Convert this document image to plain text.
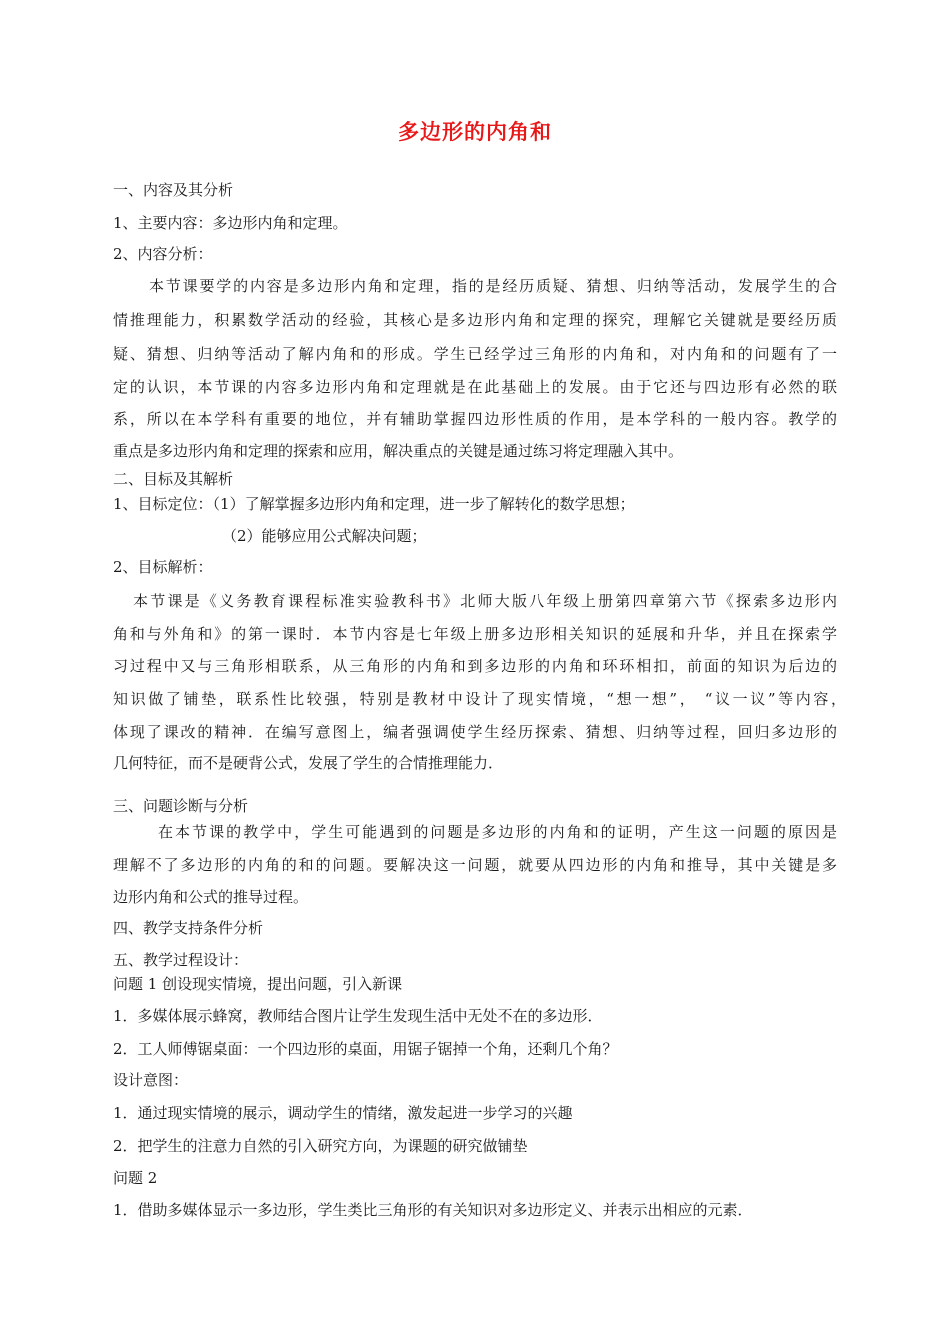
多边形的内角和
一、内容及其分析
1、主要内容：多边形内角和定理。
2、内容分析：
本节课要学的内容是多边形内角和定理，指的是经历质疑、猜想、归纳等活动，发展学生的合
情推理能力，积累数学活动的经验，其核心是多边形内角和定理的探究，理解它关键就是要经历质
疑、猜想、归纳等活动了解内角和的形成。学生已经学过三角形的内角和，对内角和的问题有了一
定的认识，本节课的内容多边形内角和定理就是在此基础上的发展。由于它还与四边形有必然的联
系，所以在本学科有重要的地位，并有辅助掌握四边形性质的作用，是本学科的一般内容。教学的
重点是多边形内角和定理的探索和应用，解决重点的关键是通过练习将定理融入其中。
二、目标及其解析
1、目标定位：（1）了解掌握多边形内角和定理，进一步了解转化的数学思想；
（2）能够应用公式解决问题；
2、目标解析：
本节课是《义务教育课程标准实验教科书》北师大版八年级上册第四章第六节《探索多边形内
角和与外角和》的第一课时．本节内容是七年级上册多边形相关知识的延展和升华，并且在探索学
习过程中又与三角形相联系，从三角形的内角和到多边形的内角和环环相扣，前面的知识为后边的
知识做了铺垫，联系性比较强，特别是教材中设计了现实情境，“想一想”， “议一议”等内容，
体现了课改的精神．在编写意图上，编者强调使学生经历探索、猜想、归纳等过程，回归多边形的
几何特征，而不是硬背公式，发展了学生的合情推理能力．
三、问题诊断与分析
在本节课的教学中，学生可能遇到的问题是多边形的内角和的证明，产生这一问题的原因是
理解不了多边形的内角的和的问题。要解决这一问题，就要从四边形的内角和推导，其中关键是多
边形内角和公式的推导过程。
四、教学支持条件分析
五、教学过程设计：
问题 1 创设现实情境，提出问题，引入新课
1．多媒体展示蜂窝，教师结合图片让学生发现生活中无处不在的多边形．
2．工人师傅锯桌面：一个四边形的桌面，用锯子锯掉一个角，还剩几个角？
设计意图：
1．通过现实情境的展示，调动学生的情绪，激发起进一步学习的兴趣
2．把学生的注意力自然的引入研究方向，为课题的研究做铺垫
问题 2
1．借助多媒体显示一多边形，学生类比三角形的有关知识对多边形定义、并表示出相应的元素．
